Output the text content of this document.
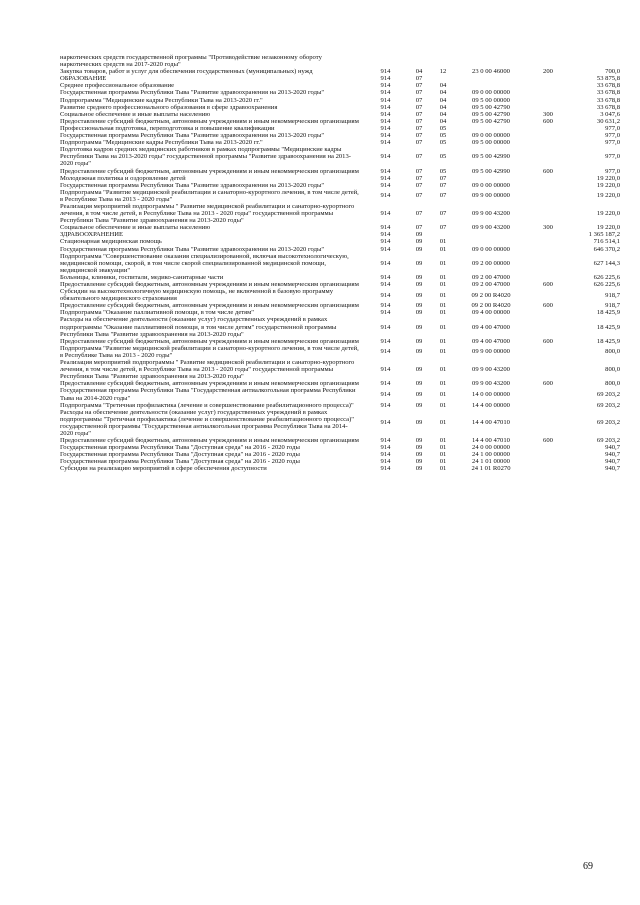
наркотических средств государственной программы "Противодействие незаконному обороту наркотических средств на 2017-2020 годы"						
Закупка товаров, работ и услуг для обеспечения государственных (муниципальных) нужд	914	04	12	23 0 00 46000	200	700,0
ОБРАЗОВАНИЕ	914	07				53 875,8
Среднее профессиональное образование	914	07	04			33 678,8
Государственная программа Республики Тыва "Развитие здравоохранения на 2013-2020 годы"	914	07	04	09 0 00 00000		33 678,8
Подпрограмма "Медицинские кадры Республики Тыва на 2013-2020 гг."	914	07	04	09 5 00 00000		33 678,8
Развитие среднего профессионального образования в сфере здравоохранения	914	07	04	09 5 00 42790		33 678,8
Социальное обеспечение и иные выплаты населению	914	07	04	09 5 00 42790	300	3 047,6
Предоставление субсидий бюджетным, автономным учреждениям и иным некоммерческим организациям	914	07	04	09 5 00 42790	600	30 631,2
Профессиональная подготовка, переподготовка и повышение квалификации	914	07	05			977,0
Государственная программа Республики Тыва "Развитие здравоохранения на 2013-2020 годы"	914	07	05	09 0 00 00000		977,0
Подпрограмма "Медицинские кадры Республики Тыва на 2013-2020 гг."	914	07	05	09 5 00 00000		977,0
Подготовка кадров средних медицинских работников в рамках подпрограммы "Медицинские кадры Республики Тыва на 2013-2020 годы" государственной программы "Развитие здравоохранения на 2013-2020 годы"	914	07	05	09 5 00 42990		977,0
Предоставление субсидий бюджетным, автономным учреждениям и иным некоммерческим организациям	914	07	05	09 5 00 42990	600	977,0
Молодежная политика и оздоровление детей	914	07	07			19 220,0
Государственная программа Республики Тыва "Развитие здравоохранения на 2013-2020 годы"	914	07	07	09 0 00 00000		19 220,0
Подпрограмма "Развитие медицинской реабилитации и санаторно-курортного лечения, в том числе детей, в Республике Тыва на 2013 - 2020 годы"	914	07	07	09 9 00 00000		19 220,0
Реализация мероприятий подпрограммы " Развитие медицинской реабилитации и санаторно-курортного лечения, в том числе детей, в Республике Тыва на 2013 - 2020 годы" государственной программы Республики Тыва "Развитие здравоохранения на 2013-2020 годы"	914	07	07	09 9 00 43200		19 220,0
Социальное обеспечение и иные выплаты населению	914	07	07	09 9 00 43200	300	19 220,0
ЗДРАВООХРАНЕНИЕ	914	09				1 365 187,2
Стационарная медицинская помощь	914	09	01			716 514,1
Государственная программа Республики Тыва "Развитие здравоохранения на 2013-2020 годы"	914	09	01	09 0 00 00000		646 370,2
Подпрограмма "Совершенствование оказания специализированной, включая высокотехнологическую, медицинской помощи, скорой, в том числе скорой специализированной медицинской помощи, медицинской эвакуации"	914	09	01	09 2 00 00000		627 144,3
Больницы, клиники, госпитали, медико-санитарные части	914	09	01	09 2 00 47000		626 225,6
Предоставление субсидий бюджетным, автономным учреждениям и иным некоммерческим организациям	914	09	01	09 2 00 47000	600	626 225,6
Субсидии на высокотехнологичную медицинскую помощь, не включенной в базовую программу обязательного медицинского страхования	914	09	01	09 2 00 R4020		918,7
Предоставление субсидий бюджетным, автономным учреждениям и иным некоммерческим организациям	914	09	01	09 2 00 R4020	600	918,7
Подпрограмма "Оказание паллиативной помощи, в том числе детям"	914	09	01	09 4 00 00000		18 425,9
Расходы на обеспечение деятельности (оказание услуг) государственных учреждений в рамках подпрограммы "Оказание паллиативной помощи, в том числе детям" государственной программы Республики Тыва "Развитие здравоохранения на 2013-2020 годы"	914	09	01	09 4 00 47000		18 425,9
Предоставление субсидий бюджетным, автономным учреждениям и иным некоммерческим организациям	914	09	01	09 4 00 47000	600	18 425,9
Подпрограмма "Развитие медицинской реабилитации и санаторно-курортного лечения, в том числе детей, в Республике Тыва на 2013 - 2020 годы"	914	09	01	09 9 00 00000		800,0
Реализация мероприятий подпрограммы " Развитие медицинской реабилитации и санаторно-курортного лечения, в том числе детей, в Республике Тыва на 2013 - 2020 годы" государственной программы Республики Тыва "Развитие здравоохранения на 2013-2020 годы"	914	09	01	09 9 00 43200		800,0
Предоставление субсидий бюджетным, автономным учреждениям и иным некоммерческим организациям	914	09	01	09 9 00 43200	600	800,0
Государственная программа Республики Тыва "Государственная антиалкогольная программа Республики Тыва на 2014-2020 годы"	914	09	01	14 0 00 00000		69 203,2
Подпрограмма "Третичная профилактика (лечение и совершенствование реабилитационного процесса)"	914	09	01	14 4 00 00000		69 203,2
Расходы на обеспечение деятельности (оказание услуг) государственных учреждений в рамках подпрограммы "Третичная профилактика (лечение и совершенствование реабилитационного процесса)" государственной программы "Государственная антиалкогольная программа Республики Тыва на 2014-2020 годы"	914	09	01	14 4 00 47010		69 203,2
Предоставление субсидий бюджетным, автономным учреждениям и иным некоммерческим организациям	914	09	01	14 4 00 47010	600	69 203,2
Государственная программа Республики Тыва "Доступная среда" на 2016 - 2020 годы	914	09	01	24 0 00 00000		940,7
Государственная программа Республики Тыва "Доступная среда" на 2016 - 2020 годы	914	09	01	24 1 00 00000		940,7
Государственная программа Республики Тыва "Доступная среда" на 2016 - 2020 годы	914	09	01	24 1 01 00000		940,7
Субсидии на реализацию мероприятий в сфере обеспечения доступности	914	09	01	24 1 01 R0270		940,7
69
